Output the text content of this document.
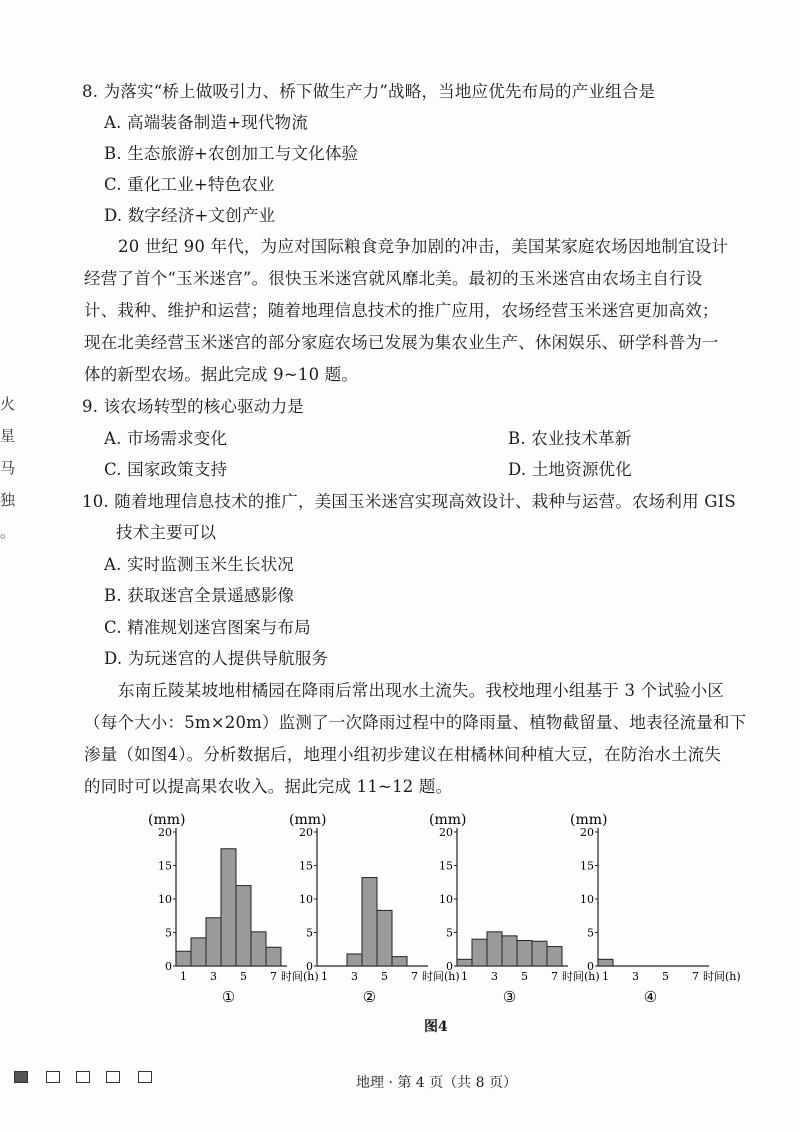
8. 为落实“桥上做吸引力、桥下做生产力”战略，当地应优先布局的产业组合是
A. 高端装备制造+现代物流
B. 生态旅游+农创加工与文化体验
C. 重化工业+特色农业
D. 数字经济+文创产业
20 世纪 90 年代，为应对国际粮食竞争加剧的冲击，美国某家庭农场因地制宜设计
经营了首个“玉米迷宫”。很快玉米迷宫就风靡北美。最初的玉米迷宫由农场主自行设
计、栽种、维护和运营；随着地理信息技术的推广应用，农场经营玉米迷宫更加高效；
现在北美经营玉米迷宫的部分家庭农场已发展为集农业生产、休闲娱乐、研学科普为一
体的新型农场。据此完成 9~10 题。
火
星
马
独
。
9. 该农场转型的核心驱动力是
A. 市场需求变化	B. 农业技术革新
C. 国家政策支持	D. 土地资源优化
10. 随着地理信息技术的推广，美国玉米迷宫实现高效设计、栽种与运营。农场利用 GIS
技术主要可以
A. 实时监测玉米生长状况
B. 获取迷宫全景遥感影像
C. 精准规划迷宫图案与布局
D. 为玩迷宫的人提供导航服务
东南丘陵某坡地柑橘园在降雨后常出现水土流失。我校地理小组基于 3 个试验小区
（每个大小：5m×20m）监测了一次降雨过程中的降雨量、植物截留量、地表径流量和下
渗量（如图4）。分析数据后，地理小组初步建议在柑橘林间种植大豆，在防治水土流失
的同时可以提高果农收入。据此完成 11~12 题。
(mm)
0
5
10
15
20
1 3 5 7 时间(h)
①
(mm)
0
5
10
15
20
1 3 5 7 时间(h)
②
(mm)
0
5
10
15
20
1 3 5 7 时间(h)
③
(mm)
0
5
10
15
20
1 3 5 7 时间(h)
④
图4
地理 · 第 4 页（共 8 页）
